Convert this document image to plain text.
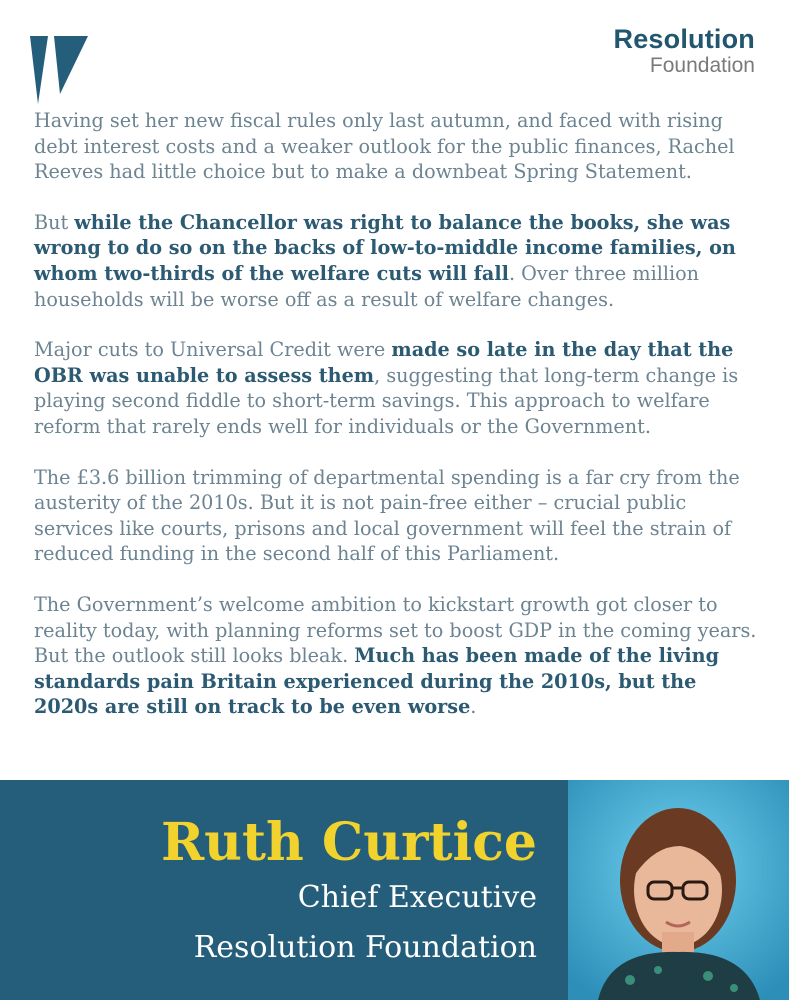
Resolution
Foundation

Having set her new fiscal rules only last autumn, and faced with rising debt interest costs and a weaker outlook for the public finances, Rachel Reeves had little choice but to make a downbeat Spring Statement.

But while the Chancellor was right to balance the books, she was wrong to do so on the backs of low-to-middle income families, on whom two-thirds of the welfare cuts will fall. Over three million households will be worse off as a result of welfare changes.

Major cuts to Universal Credit were made so late in the day that the OBR was unable to assess them, suggesting that long-term change is playing second fiddle to short-term savings. This approach to welfare reform that rarely ends well for individuals or the Government.

The £3.6 billion trimming of departmental spending is a far cry from the austerity of the 2010s. But it is not pain-free either – crucial public services like courts, prisons and local government will feel the strain of reduced funding in the second half of this Parliament.

The Government’s welcome ambition to kickstart growth got closer to reality today, with planning reforms set to boost GDP in the coming years. But the outlook still looks bleak. Much has been made of the living standards pain Britain experienced during the 2010s, but the 2020s are still on track to be even worse.

Ruth Curtice
Chief Executive
Resolution Foundation
